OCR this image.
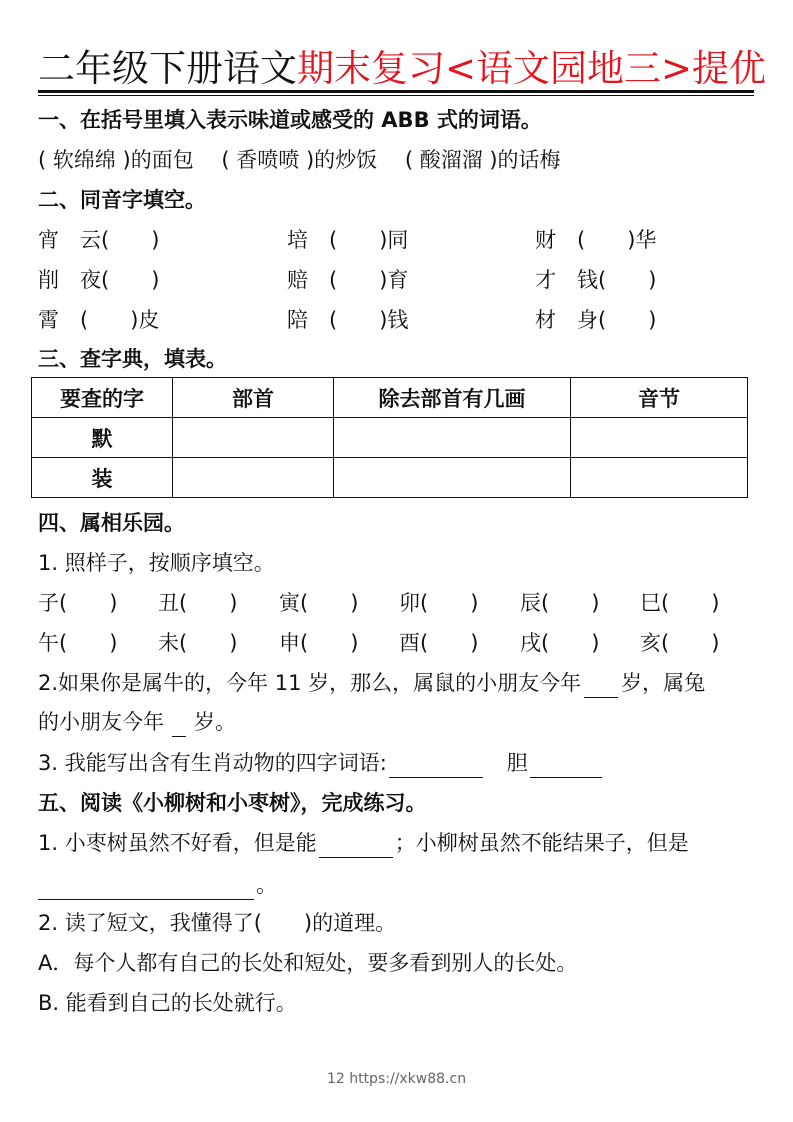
二年级下册语文期末复习<语文园地三>提优
一、在括号里填入表示味道或感受的 ABB 式的词语。
( 软绵绵 )的面包　 ( 香喷喷 )的炒饭　 ( 酸溜溜 )的话梅
二、同音字填空。
宵　云(　　)	培　(　　)同	财　(　　)华
削　夜(　　)	赔　(　　)育	才　钱(　　)
霄　(　　)皮	陪　(　　)钱	材　身(　　)
三、查字典，填表。
要查的字	部首	除去部首有几画	音节
默			
装			
四、属相乐园。
1. 照样子，按顺序填空。
子(　　) 丑(　　) 寅(　　) 卯(　　) 辰(　　) 巳(　　)
午(　　) 未(　　) 申(　　) 酉(　　) 戌(　　) 亥(　　)
2.如果你是属牛的，今年 11 岁，那么，属鼠的小朋友今年 岁，属兔
的小朋友今年 岁。
3. 我能写出含有生肖动物的四字词语:	胆
五、阅读《小柳树和小枣树》，完成练习。
1. 小枣树虽然不好看，但是能	；小柳树虽然不能结果子，但是
。
2. 读了短文，我懂得了(　　)的道理。
A．每个人都有自己的长处和短处，要多看到别人的长处。
B. 能看到自己的长处就行。
12 https://xkw88.cn
